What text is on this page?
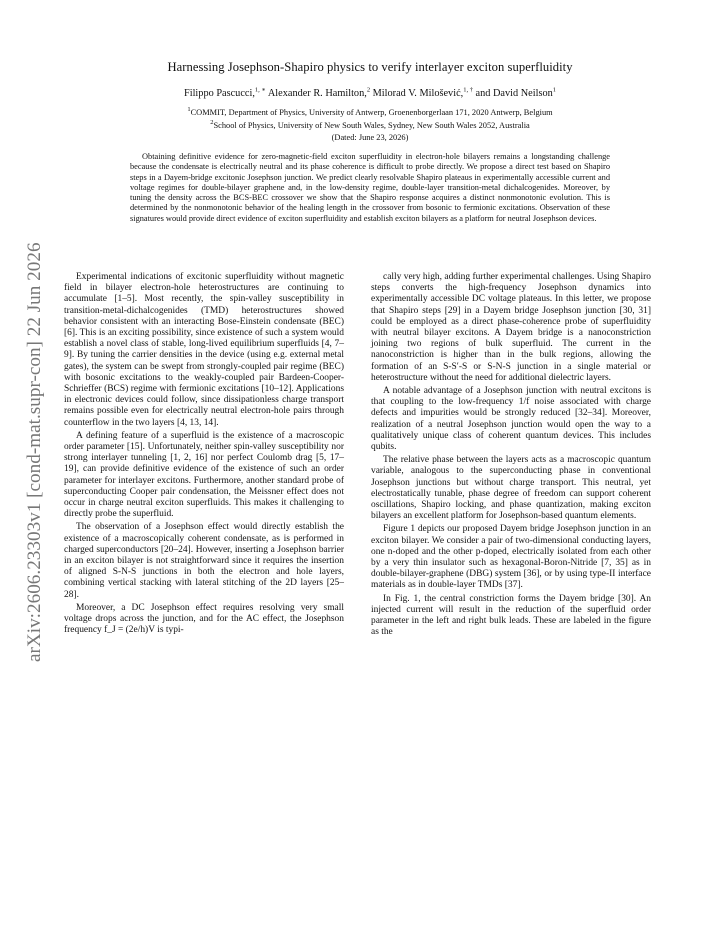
arXiv:2606.23303v1 [cond-mat.supr-con] 22 Jun 2026
Harnessing Josephson-Shapiro physics to verify interlayer exciton superfluidity
Filippo Pascucci,$^{1, ∗}$ Alexander R. Hamilton,$^2$ Milorad V. Milošević,$^{1, \dagger}$ and David Neilson$^1$
$^1$COMMIT, Department of Physics, University of Antwerp, Groenenborgerlaan 171, 2020 Antwerp, Belgium
$^2$School of Physics, University of New South Wales, Sydney, New South Wales 2052, Australia
(Dated: June 23, 2026)

Obtaining definitive evidence for zero-magnetic-field exciton superfluidity in electron-hole bilayers remains a longstanding challenge because the condensate is electrically neutral and its phase coherence is difficult to probe directly. We propose a direct test based on Shapiro steps in a Dayem-bridge excitonic Josephson junction. We predict clearly resolvable Shapiro plateaus in experimentally accessible current and voltage regimes for double-bilayer graphene and, in the low-density regime, double-layer transition-metal dichalcogenides. Moreover, by tuning the density across the BCS-BEC crossover we show that the Shapiro response acquires a distinct nonmonotonic evolution. This is determined by the nonmonotonic behavior of the healing length in the crossover from bosonic to fermionic excitations. Observation of these signatures would provide direct evidence of exciton superfluidity and establish exciton bilayers as a platform for neutral Josephson devices.

Experimental indications of excitonic superfluidity without magnetic field in bilayer electron-hole heterostructures are continuing to accumulate [1–5]. Most recently, the spin-valley susceptibility in transition-metal-dichalcogenides (TMD) heterostructures showed behavior consistent with an interacting Bose-Einstein condensate (BEC) [6]. This is an exciting possibility, since existence of such a system would establish a novel class of stable, long-lived equilibrium superfluids [4, 7–9]. By tuning the carrier densities in the device (using e.g. external metal gates), the system can be swept from strongly-coupled pair regime (BEC) with bosonic excitations to the weakly-coupled pair Bardeen-Cooper-Schrieffer (BCS) regime with fermionic excitations [10–12]. Applications in electronic devices could follow, since dissipationless charge transport remains possible even for electrically neutral electron-hole pairs through counterflow in the two layers [4, 13, 14].

A defining feature of a superfluid is the existence of a macroscopic order parameter [15]. Unfortunately, neither spin-valley susceptibility nor strong interlayer tunneling [1, 2, 16] nor perfect Coulomb drag [5, 17–19], can provide definitive evidence of the existence of such an order parameter for interlayer excitons. Furthermore, another standard probe of superconducting Cooper pair condensation, the Meissner effect does not occur in charge neutral exciton superfluids. This makes it challenging to directly probe the superfluid.

The observation of a Josephson effect would directly establish the existence of a macroscopically coherent condensate, as is performed in charged superconductors [20–24]. However, inserting a Josephson barrier in an exciton bilayer is not straightforward since it requires the insertion of aligned S-N-S junctions in both the electron and hole layers, combining vertical stacking with lateral stitching of the 2D layers [25–28].

Moreover, a DC Josephson effect requires resolving very small voltage drops across the junction, and for the AC effect, the Josephson frequency f_J = (2e/h)V is typi-

cally very high, adding further experimental challenges. Using Shapiro steps converts the high-frequency Josephson dynamics into experimentally accessible DC voltage plateaus. In this letter, we propose that Shapiro steps [29] in a Dayem bridge Josephson junction [30, 31] could be employed as a direct phase-coherence probe of superfluidity with neutral bilayer excitons. A Dayem bridge is a nanoconstriction joining two regions of bulk superfluid. The current in the nanoconstriction is higher than in the bulk regions, allowing the formation of an S-S′-S or S-N-S junction in a single material or heterostructure without the need for additional dielectric layers.

A notable advantage of a Josephson junction with neutral excitons is that coupling to the low-frequency 1/f noise associated with charge defects and impurities would be strongly reduced [32–34]. Moreover, realization of a neutral Josephson junction would open the way to a qualitatively unique class of coherent quantum devices. This includes qubits.

The relative phase between the layers acts as a macroscopic quantum variable, analogous to the superconducting phase in conventional Josephson junctions but without charge transport. This neutral, yet electrostatically tunable, phase degree of freedom can support coherent oscillations, Shapiro locking, and phase quantization, making exciton bilayers an excellent platform for Josephson-based quantum elements.

Figure 1 depicts our proposed Dayem bridge Josephson junction in an exciton bilayer. We consider a pair of two-dimensional conducting layers, one n-doped and the other p-doped, electrically isolated from each other by a very thin insulator such as hexagonal-Boron-Nitride [7, 35] as in double-bilayer-graphene (DBG) system [36], or by using type-II interface materials as in double-layer TMDs [37].

In Fig. 1, the central constriction forms the Dayem bridge [30]. An injected current will result in the reduction of the superfluid order parameter in the left and right bulk leads. These are labeled in the figure as the
